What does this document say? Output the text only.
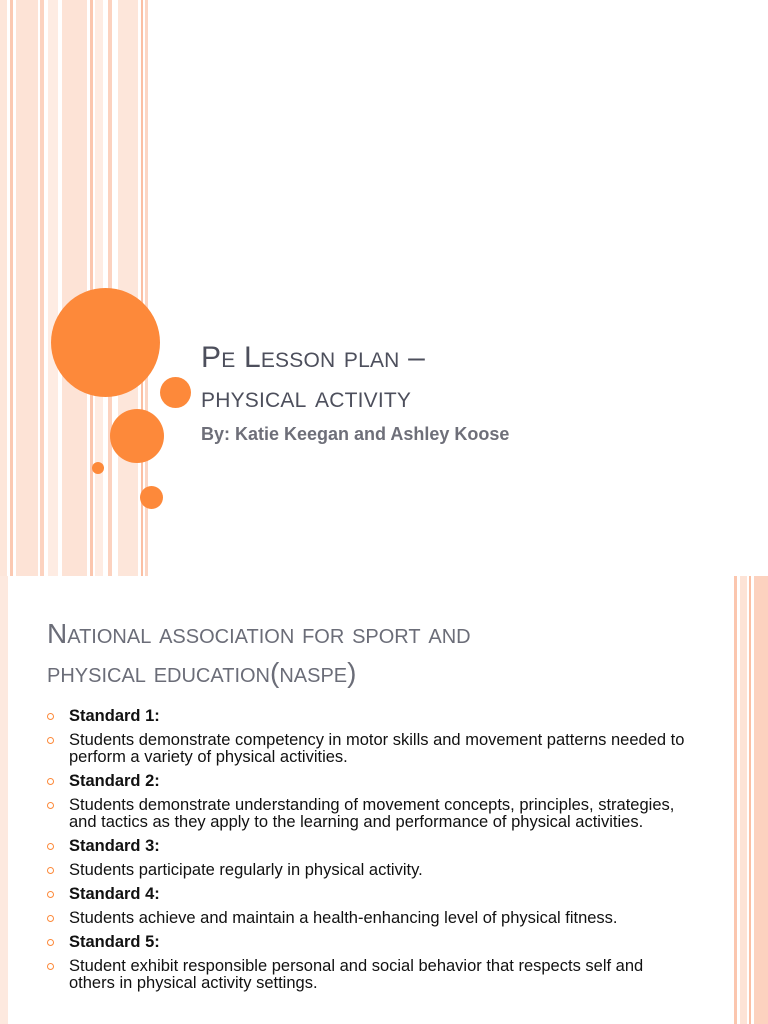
Pe Lesson plan –
physical activity
By: Katie Keegan and Ashley Koose
National association for sport and
physical education(naspe)
Standard 1:
Students demonstrate competency in motor skills and movement patterns needed to perform a variety of physical activities.
Standard 2:
Students demonstrate understanding of movement concepts, principles, strategies, and tactics as they apply to the learning and performance of physical activities.
Standard 3:
Students participate regularly in physical activity.
Standard 4:
Students achieve and maintain a health-enhancing level of physical fitness.
Standard 5:
Student exhibit responsible personal and social behavior that respects self and others in physical activity settings.
